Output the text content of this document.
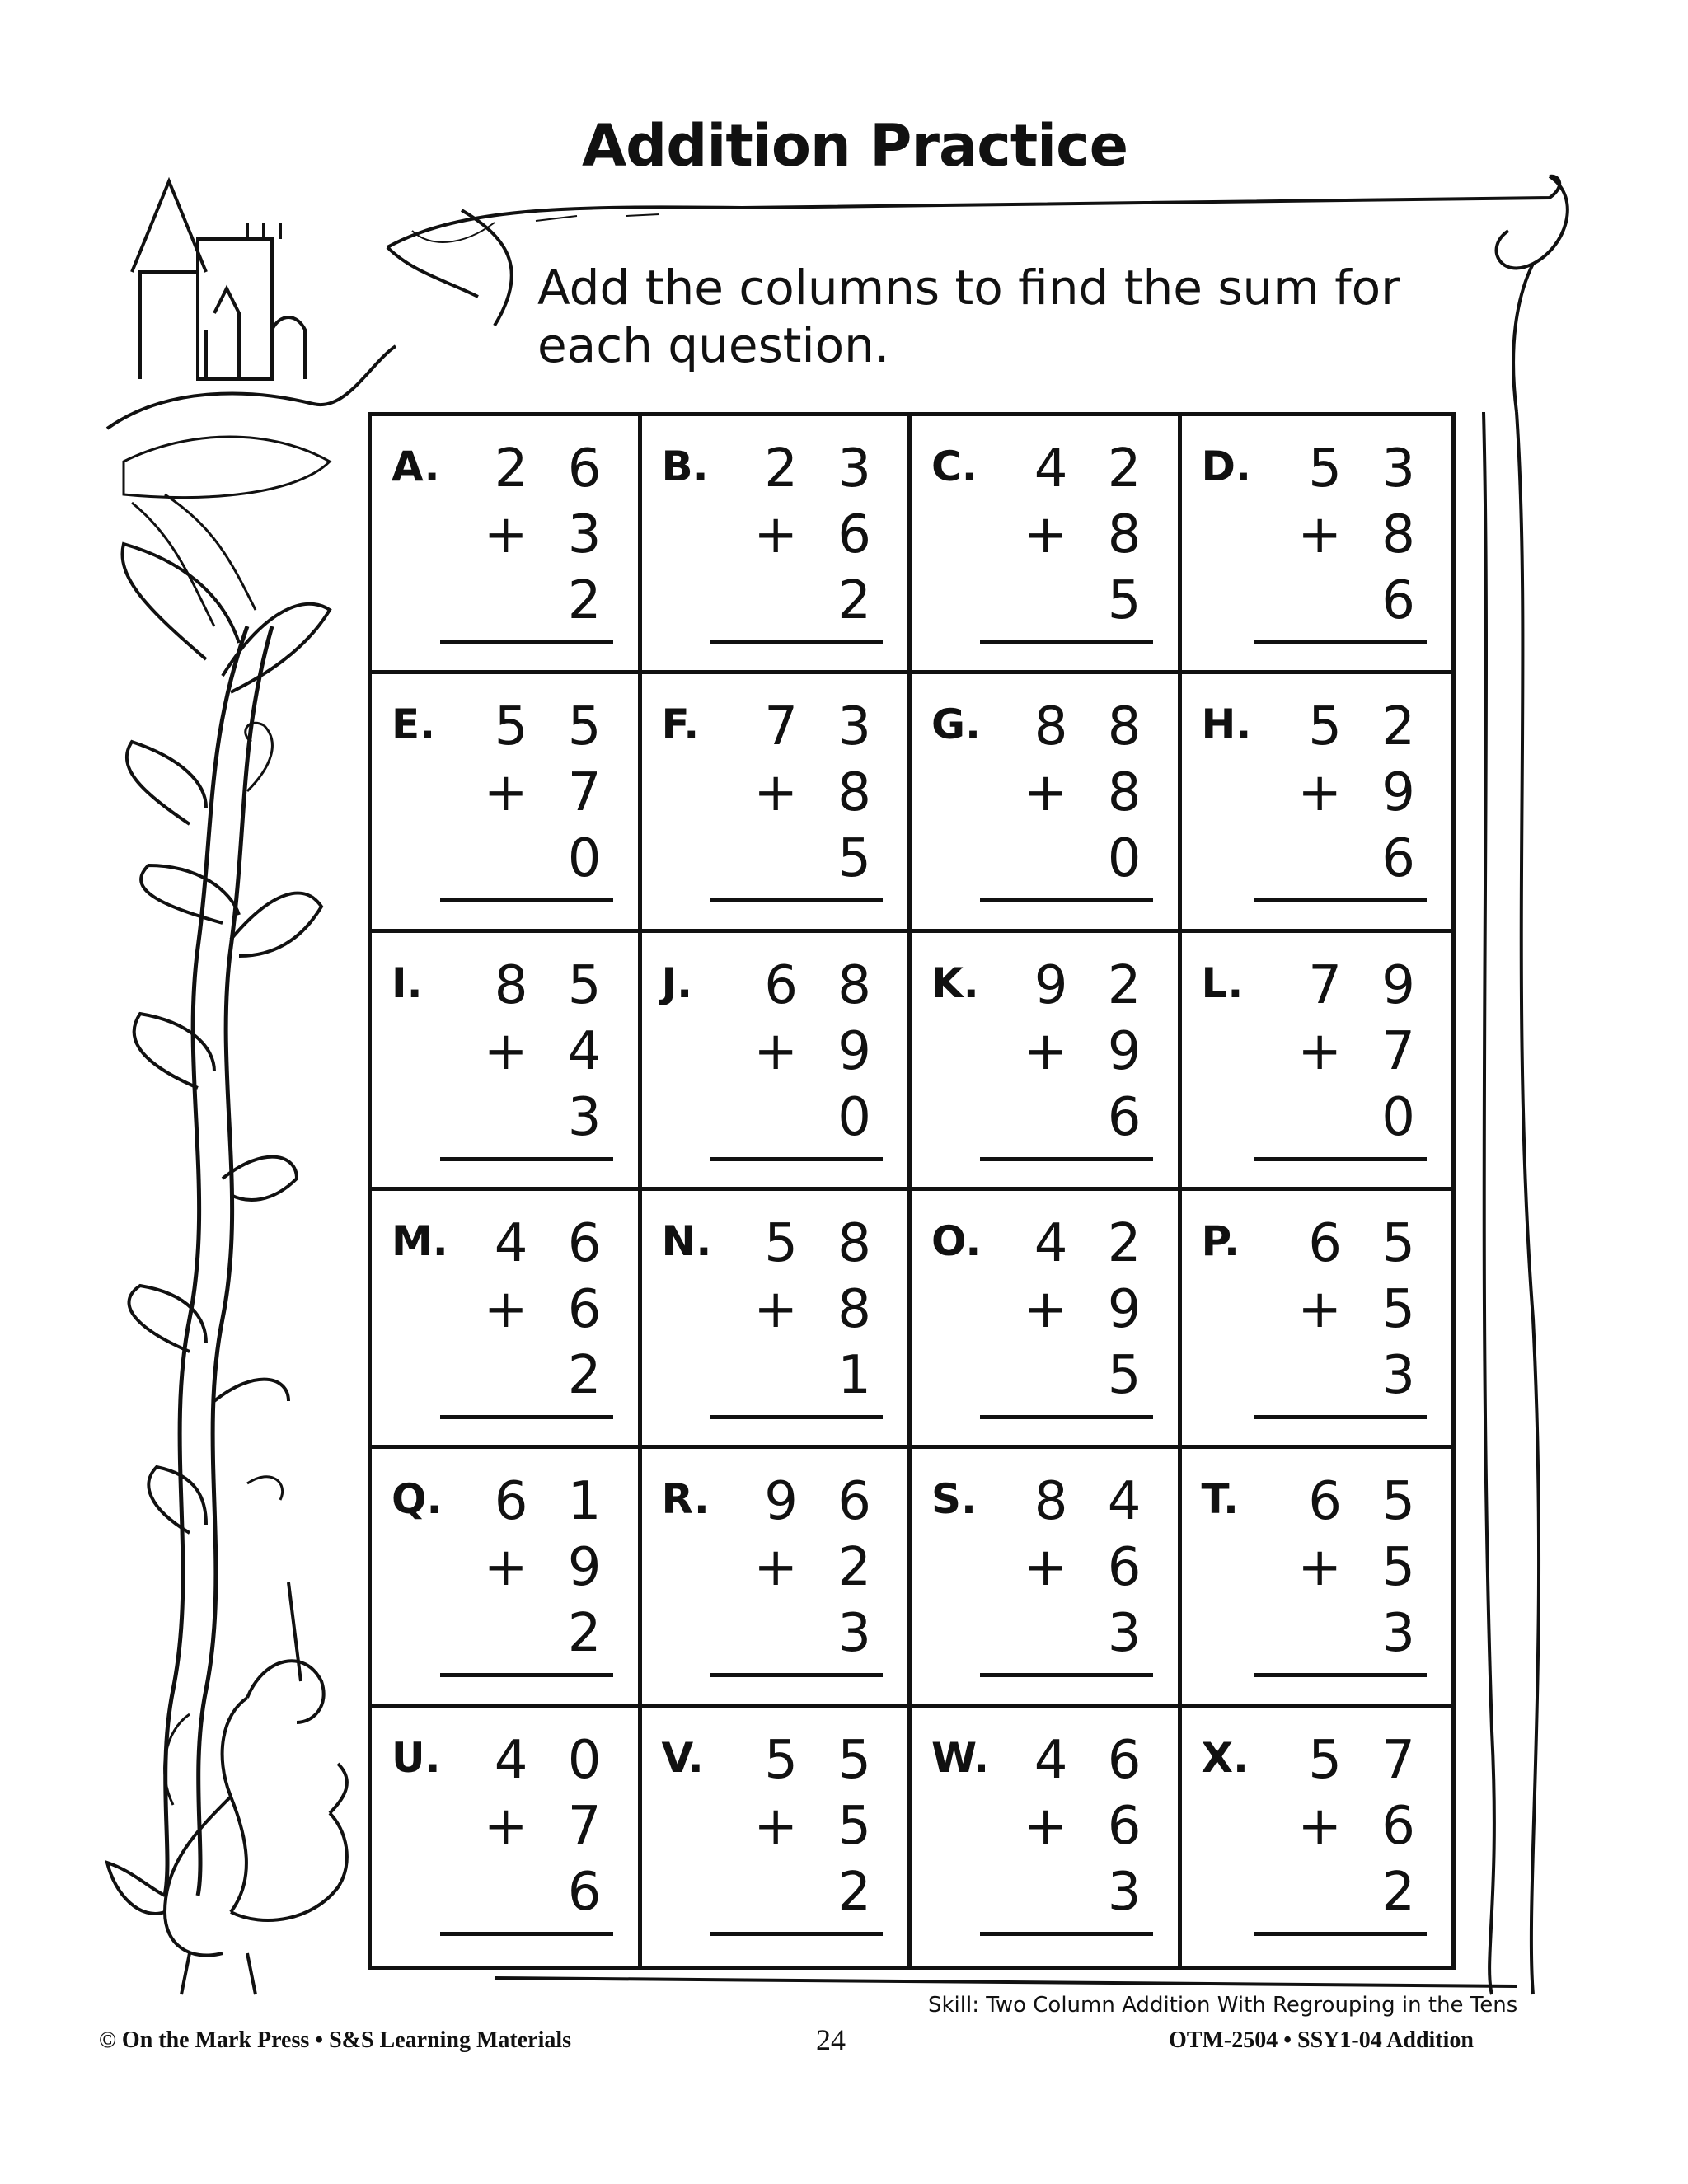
Addition Practice

Add the columns to find the sum for each question.

A.	2 6
+ 3 2
B.	2 3
+ 6 2
C.	4 2
+ 8 5
D.	5 3
+ 8 6
E.	5 5
+ 7 0
F.	7 3
+ 8 5
G.	8 8
+ 8 0
H.	5 2
+ 9 6
I.	8 5
+ 4 3
J.	6 8
+ 9 0
K.	9 2
+ 9 6
L.	7 9
+ 7 0
M. 4 6
+ 6 2
N. 5 8
+ 8 1
O.	4 2
+ 9 5
P.	6 5
+ 5 3
Q. 6 1
+ 9 2
R.	9 6
+ 2 3
S.	8 4
+ 6 3
T.	6 5
+ 5 3
U.	4 0
+ 7 6
V.	5 5
+ 5 2
W. 4 6
+ 6 3
X.	5 7
+ 6 2
Skill: Two Column Addition With Regrouping in the Tens
© On the Mark Press • S&S Learning Materials	24	OTM-2504 • SSY1-04 Addition
